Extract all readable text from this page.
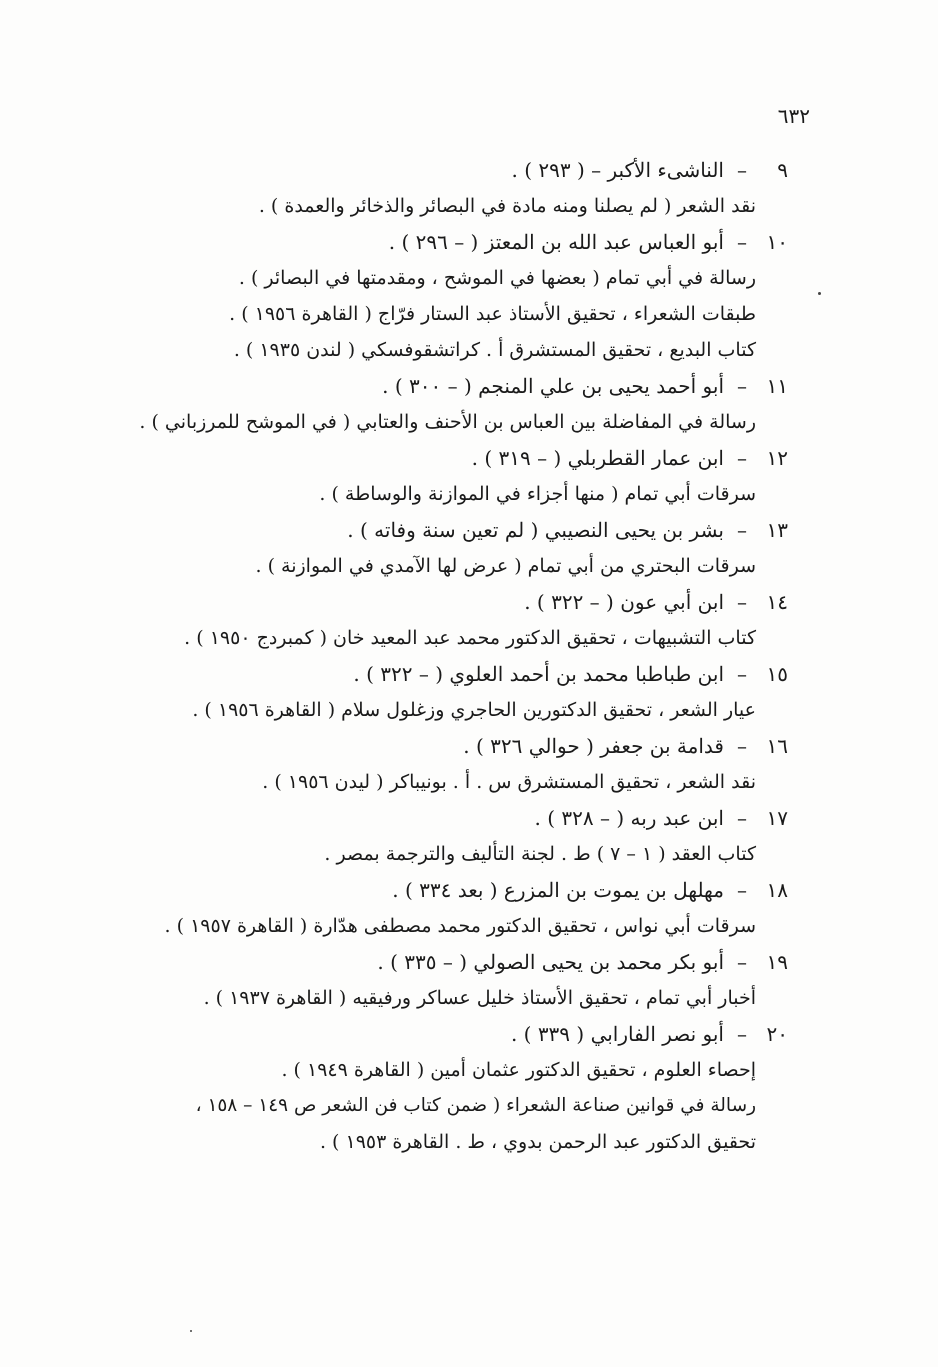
٦٣٢
٩
–
الناشىء الأكبر – ( ٢٩٣ ) .
نقد الشعر ( لم يصلنا ومنه مادة في البصائر والذخائر والعمدة ) .
١٠
–
أبو العباس عبد الله بن المعتز ( – ٢٩٦ ) .
رسالة في أبي تمام ( بعضها في الموشح ، ومقدمتها في البصائر ) .
طبقات الشعراء ، تحقيق الأستاذ عبد الستار فرّاج ( القاهرة ١٩٥٦ ) .
كتاب البديع ، تحقيق المستشرق أ . كراتشقوفسكي ( لندن ١٩٣٥ ) .
١١
–
أبو أحمد يحيى بن علي المنجم ( – ٣٠٠ ) .
رسالة في المفاضلة بين العباس بن الأحنف والعتابي ( في الموشح للمرزباني ) .
١٢
–
ابن عمار القطربلي ( – ٣١٩ ) .
سرقات أبي تمام ( منها أجزاء في الموازنة والوساطة ) .
١٣
–
بشر بن يحيى النصيبي ( لم تعين سنة وفاته ) .
سرقات البحتري من أبي تمام ( عرض لها الآمدي في الموازنة ) .
١٤
–
ابن أبي عون ( – ٣٢٢ ) .
كتاب التشبيهات ، تحقيق الدكتور محمد عبد المعيد خان ( كمبردج ١٩٥٠ ) .
١٥
–
ابن طباطبا محمد بن أحمد العلوي ( – ٣٢٢ ) .
عيار الشعر ، تحقيق الدكتورين الحاجري وزغلول سلام ( القاهرة ١٩٥٦ ) .
١٦
–
قدامة بن جعفر ( حوالي ٣٢٦ ) .
نقد الشعر ، تحقيق المستشرق س . أ . بونيباكر ( ليدن ١٩٥٦ ) .
١٧
–
ابن عبد ربه ( – ٣٢٨ ) .
كتاب العقد ( ١ – ٧ ) ط . لجنة التأليف والترجمة بمصر .
١٨
–
مهلهل بن يموت بن المزرع ( بعد ٣٣٤ ) .
سرقات أبي نواس ، تحقيق الدكتور محمد مصطفى هدّارة ( القاهرة ١٩٥٧ ) .
١٩
–
أبو بكر محمد بن يحيى الصولي ( – ٣٣٥ ) .
أخبار أبي تمام ، تحقيق الأستاذ خليل عساكر ورفيقيه ( القاهرة ١٩٣٧ ) .
٢٠
–
أبو نصر الفارابي ( ٣٣٩ ) .
إحصاء العلوم ، تحقيق الدكتور عثمان أمين ( القاهرة ١٩٤٩ ) .
رسالة في قوانين صناعة الشعراء ( ضمن كتاب فن الشعر ص ١٤٩ – ١٥٨ ،
تحقيق الدكتور عبد الرحمن بدوي ، ط . القاهرة ١٩٥٣ ) .
